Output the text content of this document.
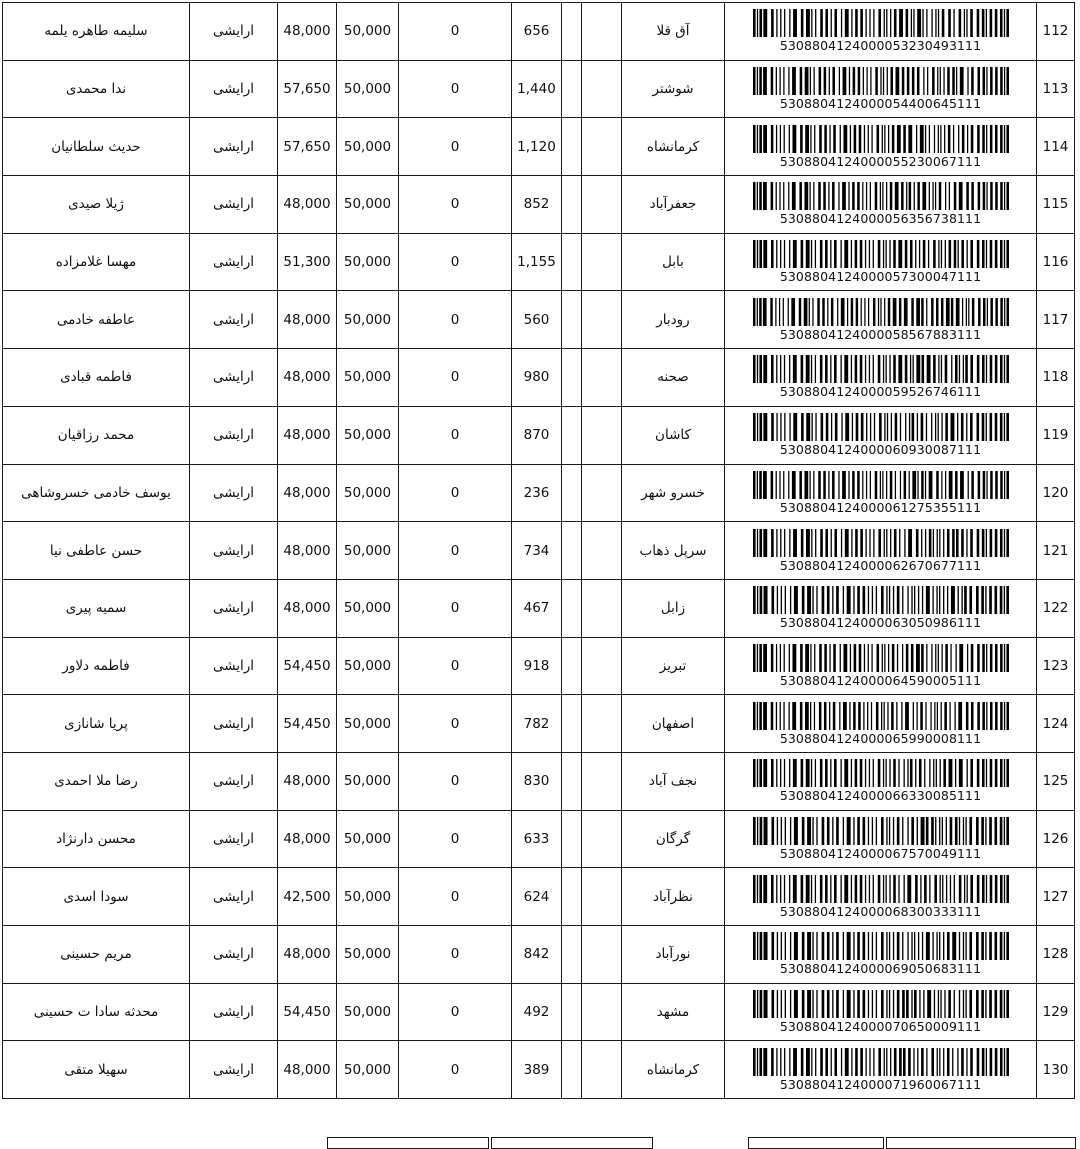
سلیمه طاهره یلمه	ارایشی	48,000	50,000	0	656			آق قلا	5308804124000053230493111	112
ندا محمدی	ارایشی	57,650	50,000	0	1,440			شوشتر	5308804124000054400645111	113
حدیث سلطانیان	ارایشی	57,650	50,000	0	1,120			کرمانشاه	5308804124000055230067111	114
ژیلا صیدی	ارایشی	48,000	50,000	0	852			جعفرآباد	5308804124000056356738111	115
مهسا غلامزاده	ارایشی	51,300	50,000	0	1,155			بابل	5308804124000057300047111	116
عاطفه خادمی	ارایشی	48,000	50,000	0	560			رودبار	5308804124000058567883111	117
فاطمه قبادی	ارایشی	48,000	50,000	0	980			صحنه	5308804124000059526746111	118
محمد رزاقیان	ارایشی	48,000	50,000	0	870			کاشان	5308804124000060930087111	119
یوسف خادمی خسروشاهی	ارایشی	48,000	50,000	0	236			خسرو شهر	5308804124000061275355111	120
حسن عاطفی نیا	ارایشی	48,000	50,000	0	734			سرپل ذهاب	5308804124000062670677111	121
سمیه پیری	ارایشی	48,000	50,000	0	467			زابل	5308804124000063050986111	122
فاطمه دلاور	ارایشی	54,450	50,000	0	918			تبریز	5308804124000064590005111	123
پریا شانازی	ارایشی	54,450	50,000	0	782			اصفهان	5308804124000065990008111	124
رضا ملا احمدی	ارایشی	48,000	50,000	0	830			نجف آباد	5308804124000066330085111	125
محسن دارنژاد	ارایشی	48,000	50,000	0	633			گرگان	5308804124000067570049111	126
سودا اسدی	ارایشی	42,500	50,000	0	624			نظرآباد	5308804124000068300333111	127
مریم حسینی	ارایشی	48,000	50,000	0	842			نورآباد	5308804124000069050683111	128
محدثه سادا ت حسینی	ارایشی	54,450	50,000	0	492			مشهد	5308804124000070650009111	129
سهیلا متقی	ارایشی	48,000	50,000	0	389			کرمانشاه	5308804124000071960067111	130
